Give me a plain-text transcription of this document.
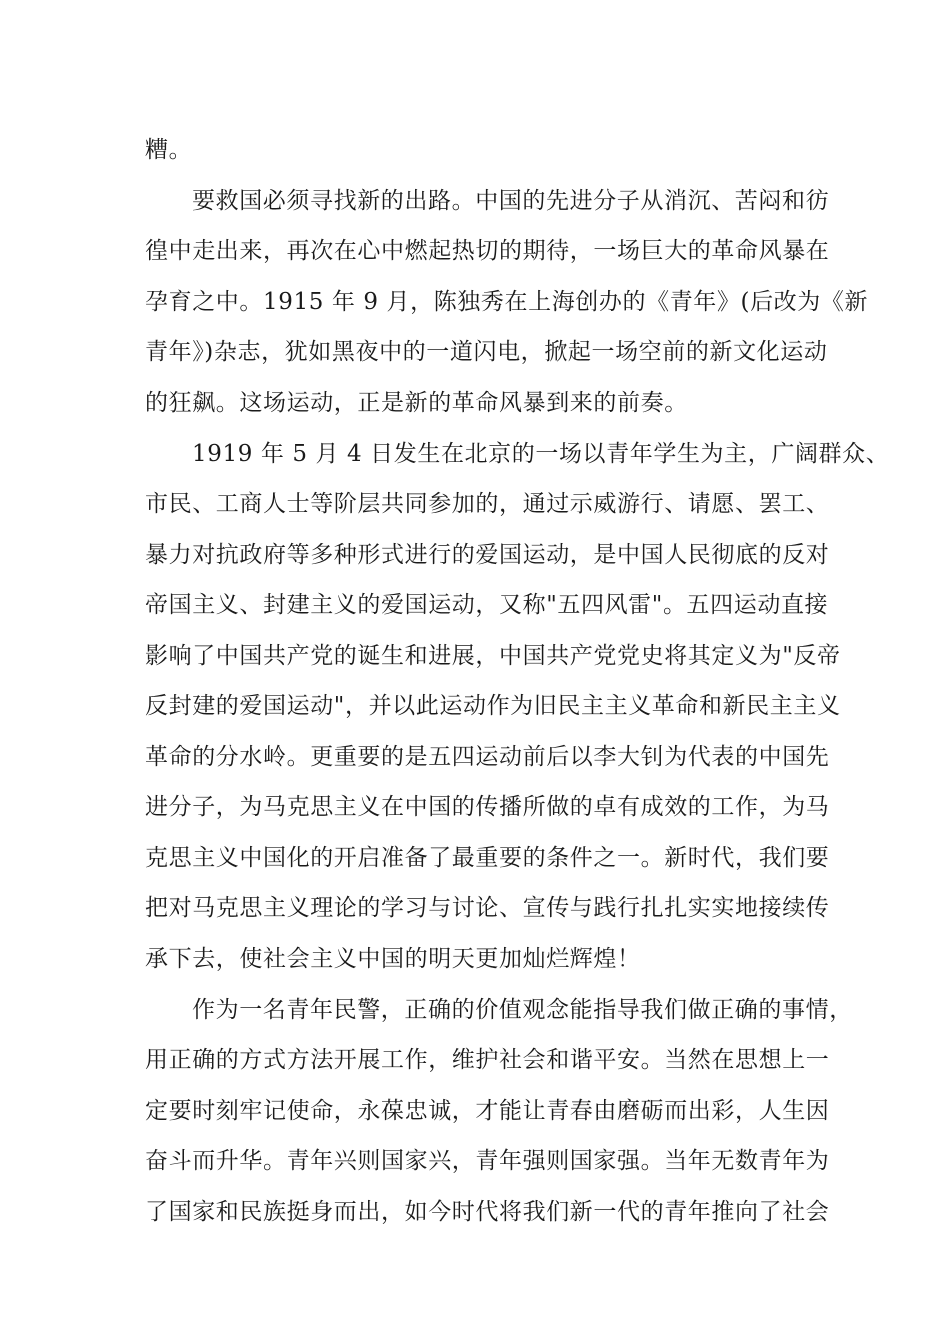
糟。
要救国必须寻找新的出路。中国的先进分子从消沉、苦闷和彷
徨中走出来，再次在心中燃起热切的期待，一场巨大的革命风暴在
孕育之中。1915 年 9 月，陈独秀在上海创办的《青年》(后改为《新
青年》)杂志，犹如黑夜中的一道闪电，掀起一场空前的新文化运动
的狂飙。这场运动，正是新的革命风暴到来的前奏。
1919 年 5 月 4 日发生在北京的一场以青年学生为主，广阔群众、
市民、工商人士等阶层共同参加的，通过示威游行、请愿、罢工、
暴力对抗政府等多种形式进行的爱国运动，是中国人民彻底的反对
帝国主义、封建主义的爱国运动，又称"五四风雷"。五四运动直接
影响了中国共产党的诞生和进展，中国共产党党史将其定义为"反帝
反封建的爱国运动"，并以此运动作为旧民主主义革命和新民主主义
革命的分水岭。更重要的是五四运动前后以李大钊为代表的中国先
进分子，为马克思主义在中国的传播所做的卓有成效的工作，为马
克思主义中国化的开启准备了最重要的条件之一。新时代，我们要
把对马克思主义理论的学习与讨论、宣传与践行扎扎实实地接续传
承下去，使社会主义中国的明天更加灿烂辉煌！
作为一名青年民警，正确的价值观念能指导我们做正确的事情，
用正确的方式方法开展工作，维护社会和谐平安。当然在思想上一
定要时刻牢记使命，永葆忠诚，才能让青春由磨砺而出彩，人生因
奋斗而升华。青年兴则国家兴，青年强则国家强。当年无数青年为
了国家和民族挺身而出，如今时代将我们新一代的青年推向了社会
